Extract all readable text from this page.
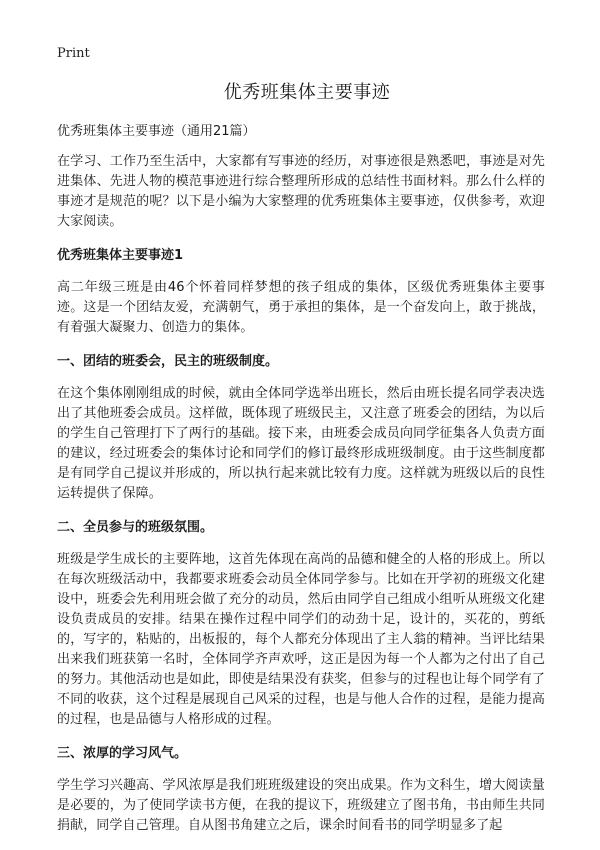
Print
优秀班集体主要事迹
优秀班集体主要事迹（通用21篇）

在学习、工作乃至生活中，大家都有写事迹的经历，对事迹很是熟悉吧，事迹是对先进集体、先进人物的模范事迹进行综合整理所形成的总结性书面材料。那么什么样的事迹才是规范的呢？以下是小编为大家整理的优秀班集体主要事迹，仅供参考，欢迎大家阅读。

优秀班集体主要事迹1

高二年级三班是由46个怀着同样梦想的孩子组成的集体，区级优秀班集体主要事迹。这是一个团结友爱，充满朝气，勇于承担的集体，是一个奋发向上，敢于挑战，有着强大凝聚力、创造力的集体。

一、团结的班委会，民主的班级制度。

在这个集体刚刚组成的时候，就由全体同学选举出班长，然后由班长提名同学表决选出了其他班委会成员。这样做，既体现了班级民主，又注意了班委会的团结，为以后的学生自己管理打下了两行的基础。接下来，由班委会成员向同学征集各人负责方面的建议，经过班委会的集体讨论和同学们的修订最终形成班级制度。由于这些制度都是有同学自己提议并形成的，所以执行起来就比较有力度。这样就为班级以后的良性运转提供了保障。

二、全员参与的班级氛围。

班级是学生成长的主要阵地，这首先体现在高尚的品德和健全的人格的形成上。所以在每次班级活动中，我都要求班委会动员全体同学参与。比如在开学初的班级文化建设中，班委会先利用班会做了充分的动员，然后由同学自己组成小组听从班级文化建设负责成员的安排。结果在操作过程中同学们的动劲十足，设计的，买花的，剪纸的，写字的，粘贴的，出板报的，每个人都充分体现出了主人翁的精神。当评比结果出来我们班获第一名时，全体同学齐声欢呼，这正是因为每一个人都为之付出了自己的努力。其他活动也是如此，即使是结果没有获奖，但参与的过程也让每个同学有了不同的收获，这个过程是展现自己风采的过程，也是与他人合作的过程，是能力提高的过程，也是品德与人格形成的过程。

三、浓厚的学习风气。

学生学习兴趣高、学风浓厚是我们班班级建设的突出成果。作为文科生，增大阅读量是必要的，为了使同学读书方便，在我的提议下，班级建立了图书角，书由师生共同捐献，同学自己管理。自从图书角建立之后，课余时间看书的同学明显多了起
